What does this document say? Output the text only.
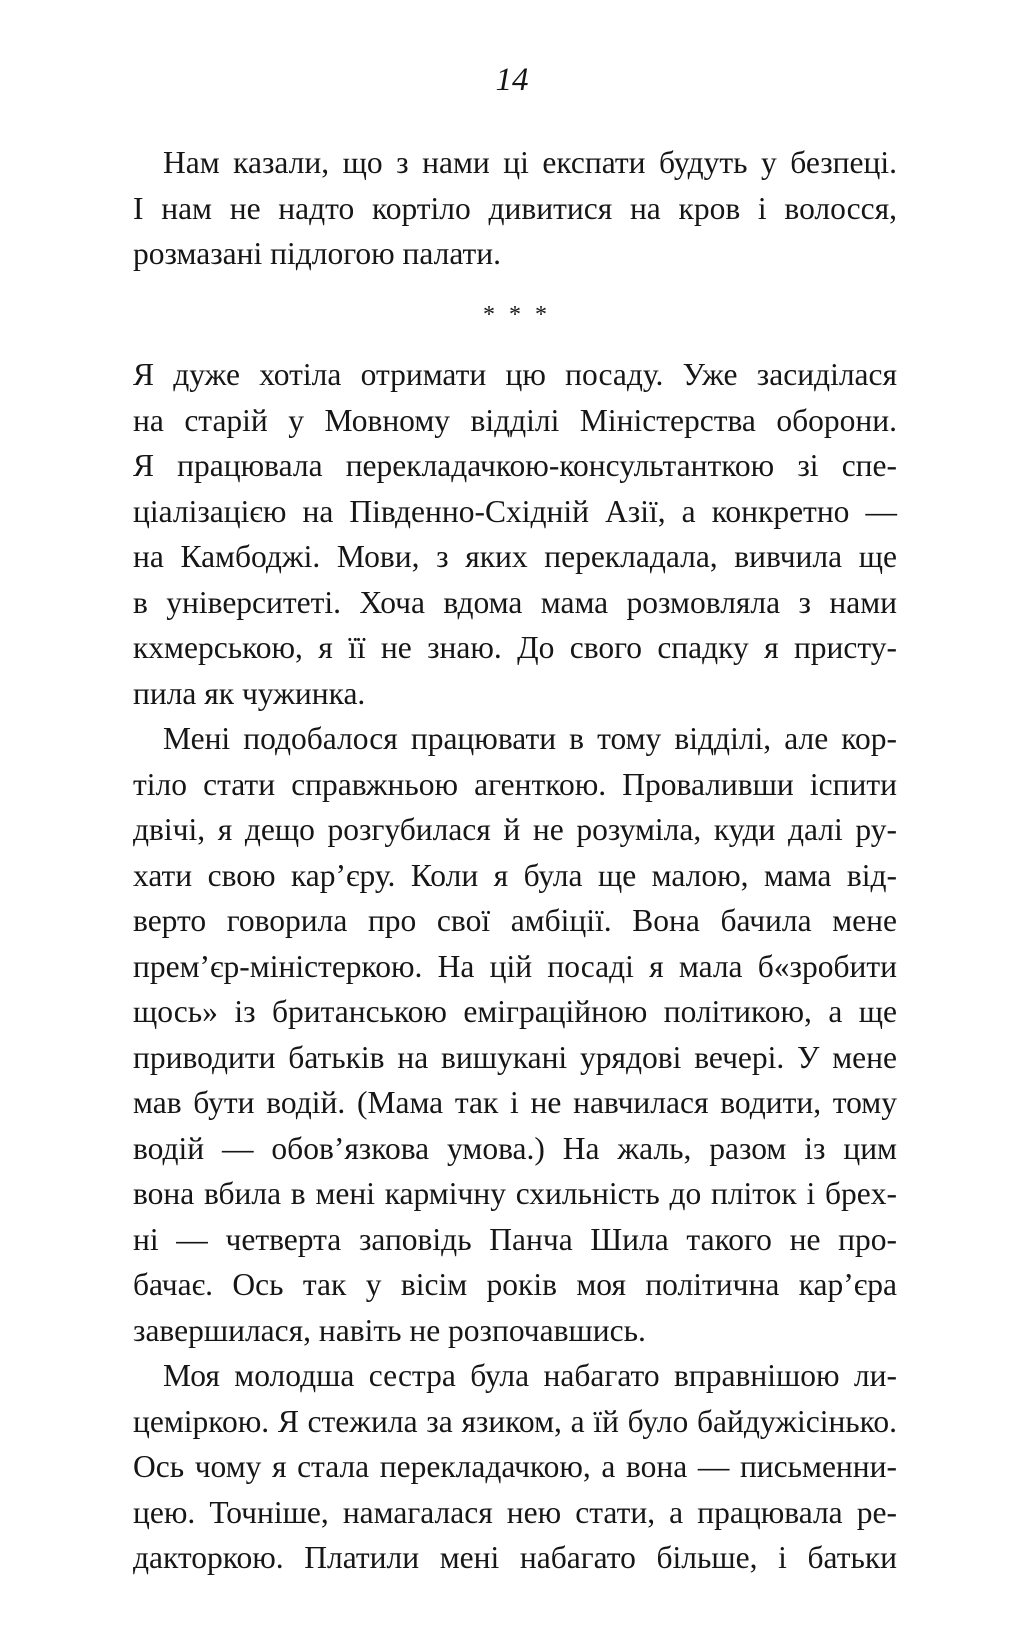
14
Нам казали, що з нами ці експати будуть у безпеці.
І нам не надто кортіло дивитися на кров і волосся,
розмазані підлогою палати.
* * *
Я дуже хотіла отримати цю посаду. Уже засиділася
на старій у Мовному відділі Міністерства оборони.
Я працювала перекладачкою-консультанткою зі спе-
ціалізацією на Південно-Східній Азії, а конкретно —
на Камбоджі. Мови, з яких перекладала, вивчила ще
в університеті. Хоча вдома мама розмовляла з нами
кхмерською, я її не знаю. До свого спадку я присту-
пила як чужинка.
Мені подобалося працювати в тому відділі, але кор-
тіло стати справжньою агенткою. Проваливши іспити
двічі, я дещо розгубилася й не розуміла, куди далі ру-
хати свою кар’єру. Коли я була ще малою, мама від-
верто говорила про свої амбіції. Вона бачила мене
прем’єр-міністеркою. На цій посаді я мала б«зробити
щось» із британською еміграційною політикою, а ще
приводити батьків на вишукані урядові вечері. У мене
мав бути водій. (Мама так і не навчилася водити, тому
водій — обов’язкова умова.) На жаль, разом із цим
вона вбила в мені кармічну схильність до пліток і бреx-
ні — четверта заповідь Панча Шила такого не про-
бачає. Ось так у вісім років моя політична кар’єра
завершилася, навіть не розпочавшись.
Моя молодша сестра була набагато вправнішою ли-
цеміркою. Я стежила за язиком, а їй було байдужісінько.
Ось чому я стала перекладачкою, а вона — письменни-
цею. Точніше, намагалася нею стати, а працювала ре-
дакторкою. Платили мені набагато більше, і батьки
